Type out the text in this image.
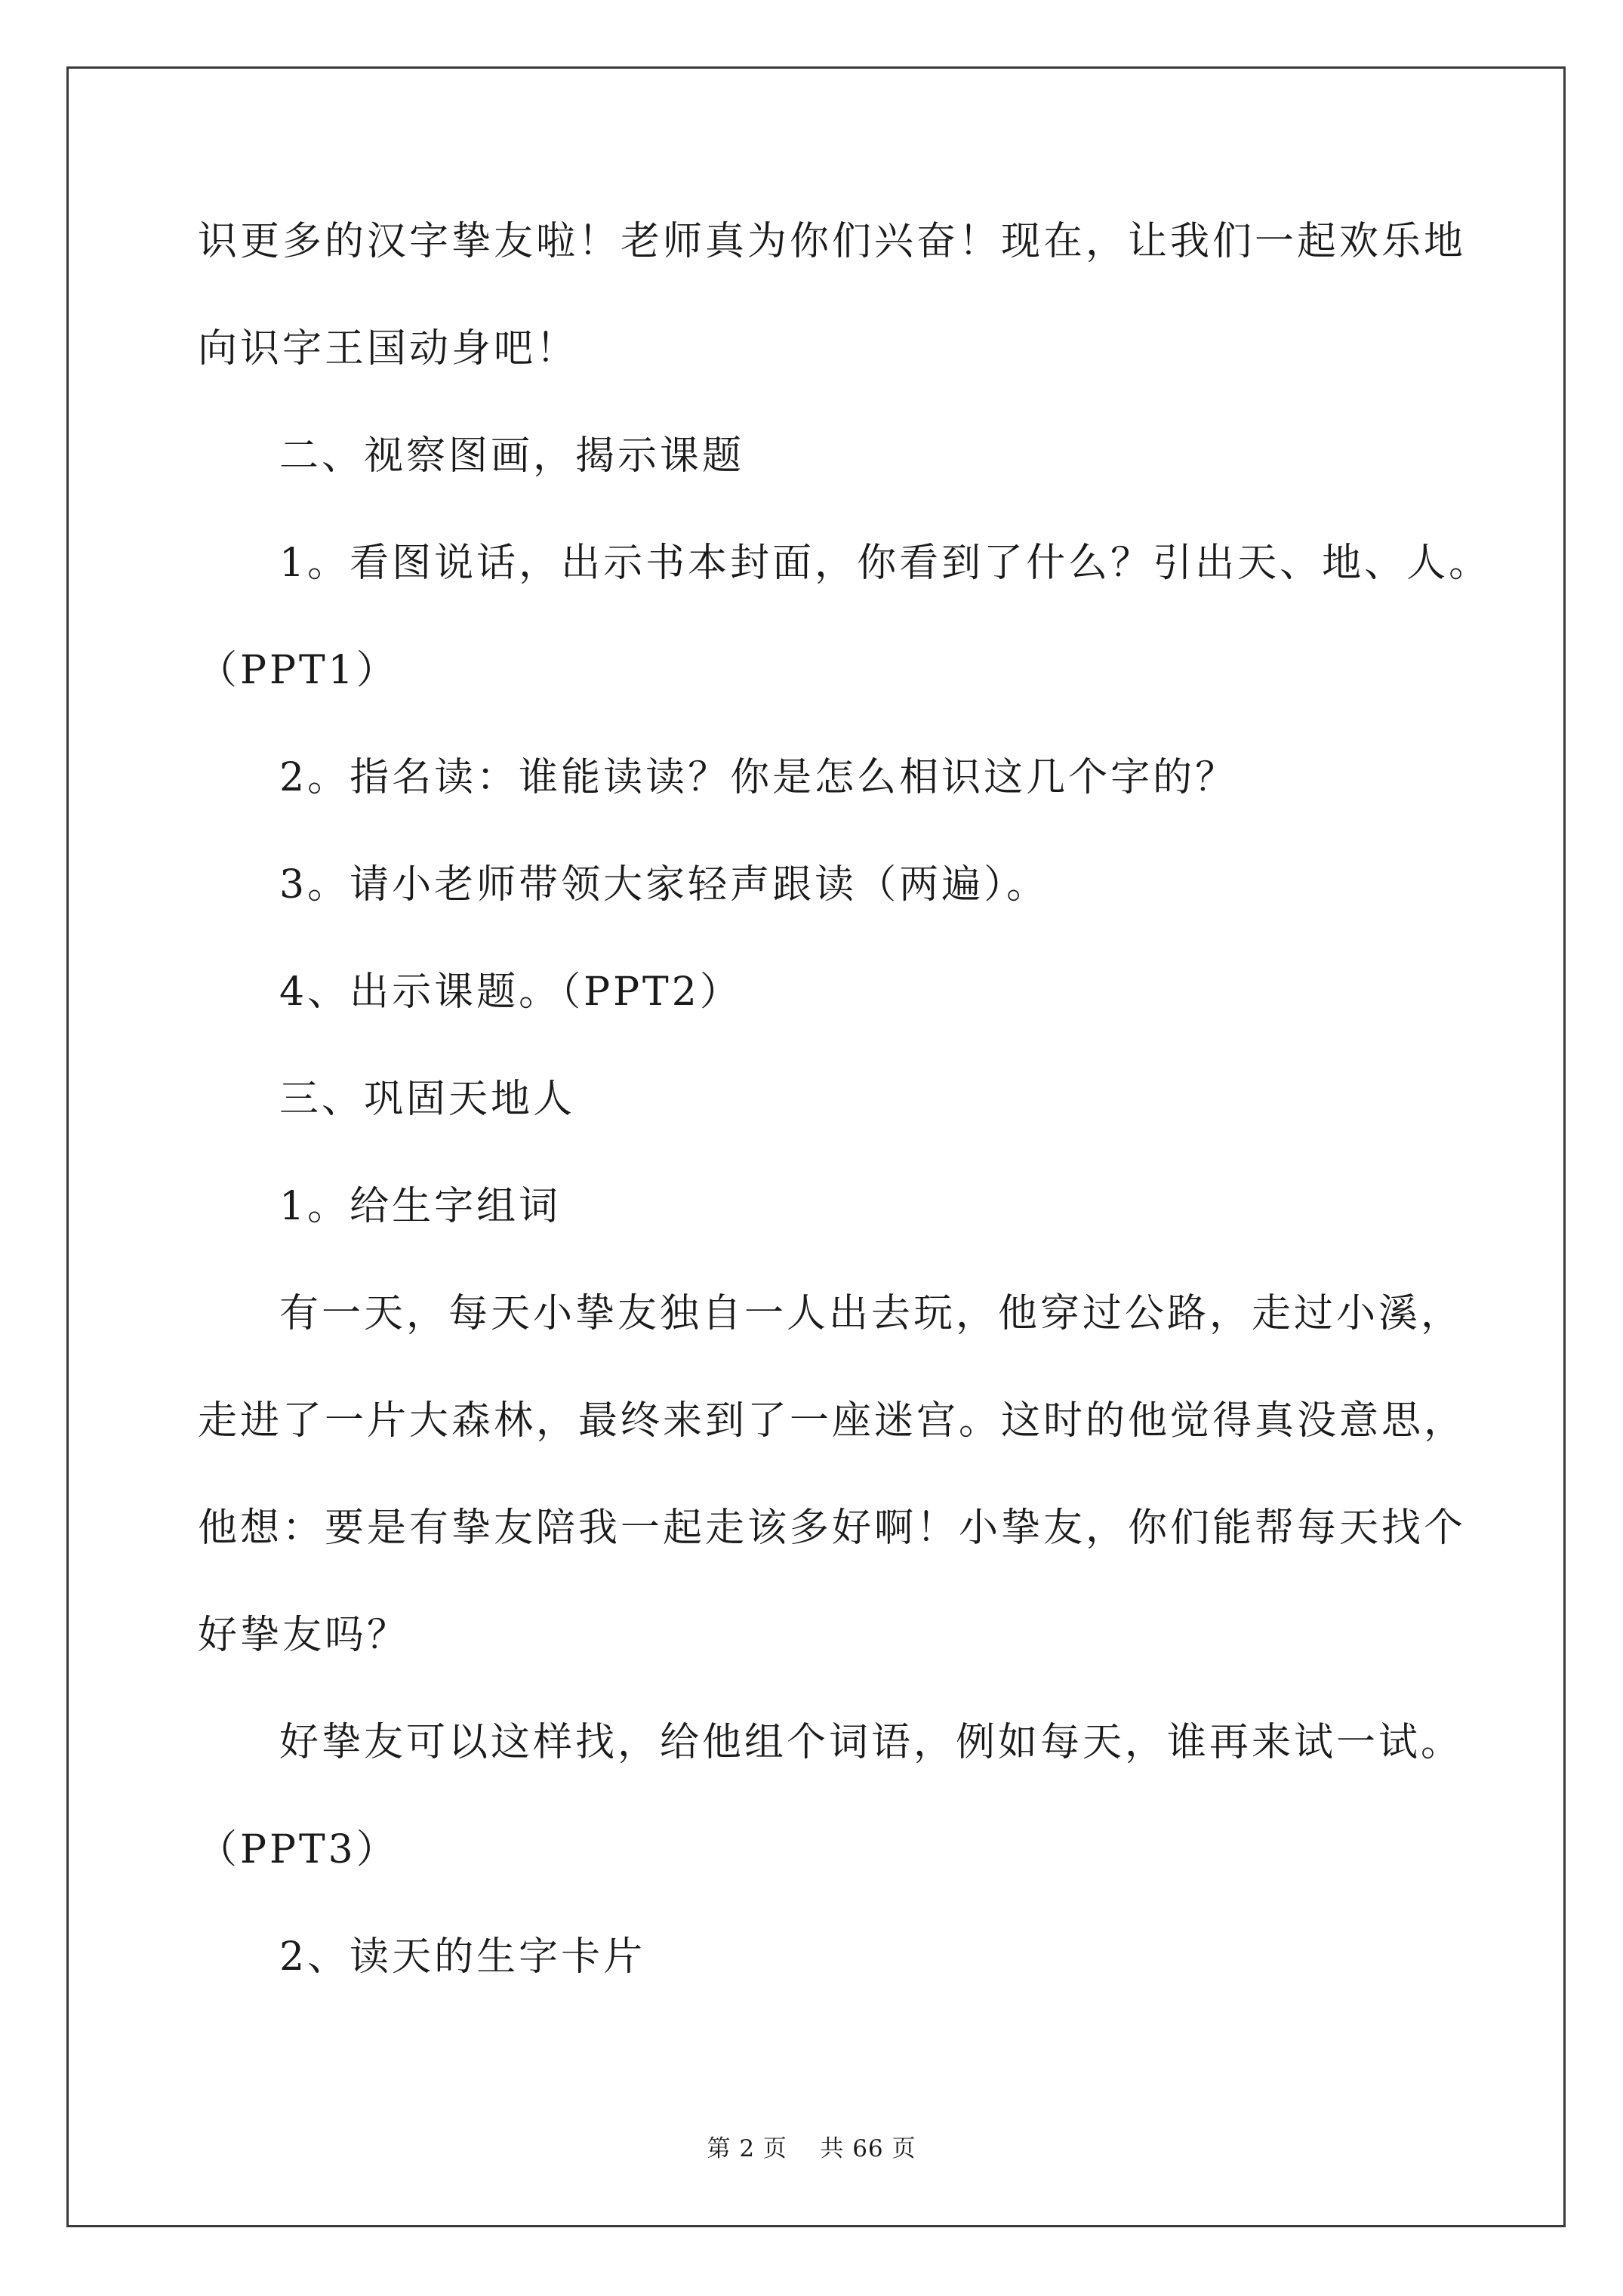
识更多的汉字挚友啦！老师真为你们兴奋！现在，让我们一起欢乐地
向识字王国动身吧！
二、视察图画，揭示课题
1。看图说话，出示书本封面，你看到了什么？引出天、地、人。
（PPT1）
2。指名读：谁能读读？你是怎么相识这几个字的？
3。请小老师带领大家轻声跟读（两遍）。
4、出示课题。（PPT2）
三、巩固天地人
1。给生字组词
有一天，每天小挚友独自一人出去玩，他穿过公路，走过小溪，
走进了一片大森林，最终来到了一座迷宫。这时的他觉得真没意思，
他想：要是有挚友陪我一起走该多好啊！小挚友，你们能帮每天找个
好挚友吗？
好挚友可以这样找，给他组个词语，例如每天，谁再来试一试。
（PPT3）
2、读天的生字卡片
第 2 页 共 66 页
